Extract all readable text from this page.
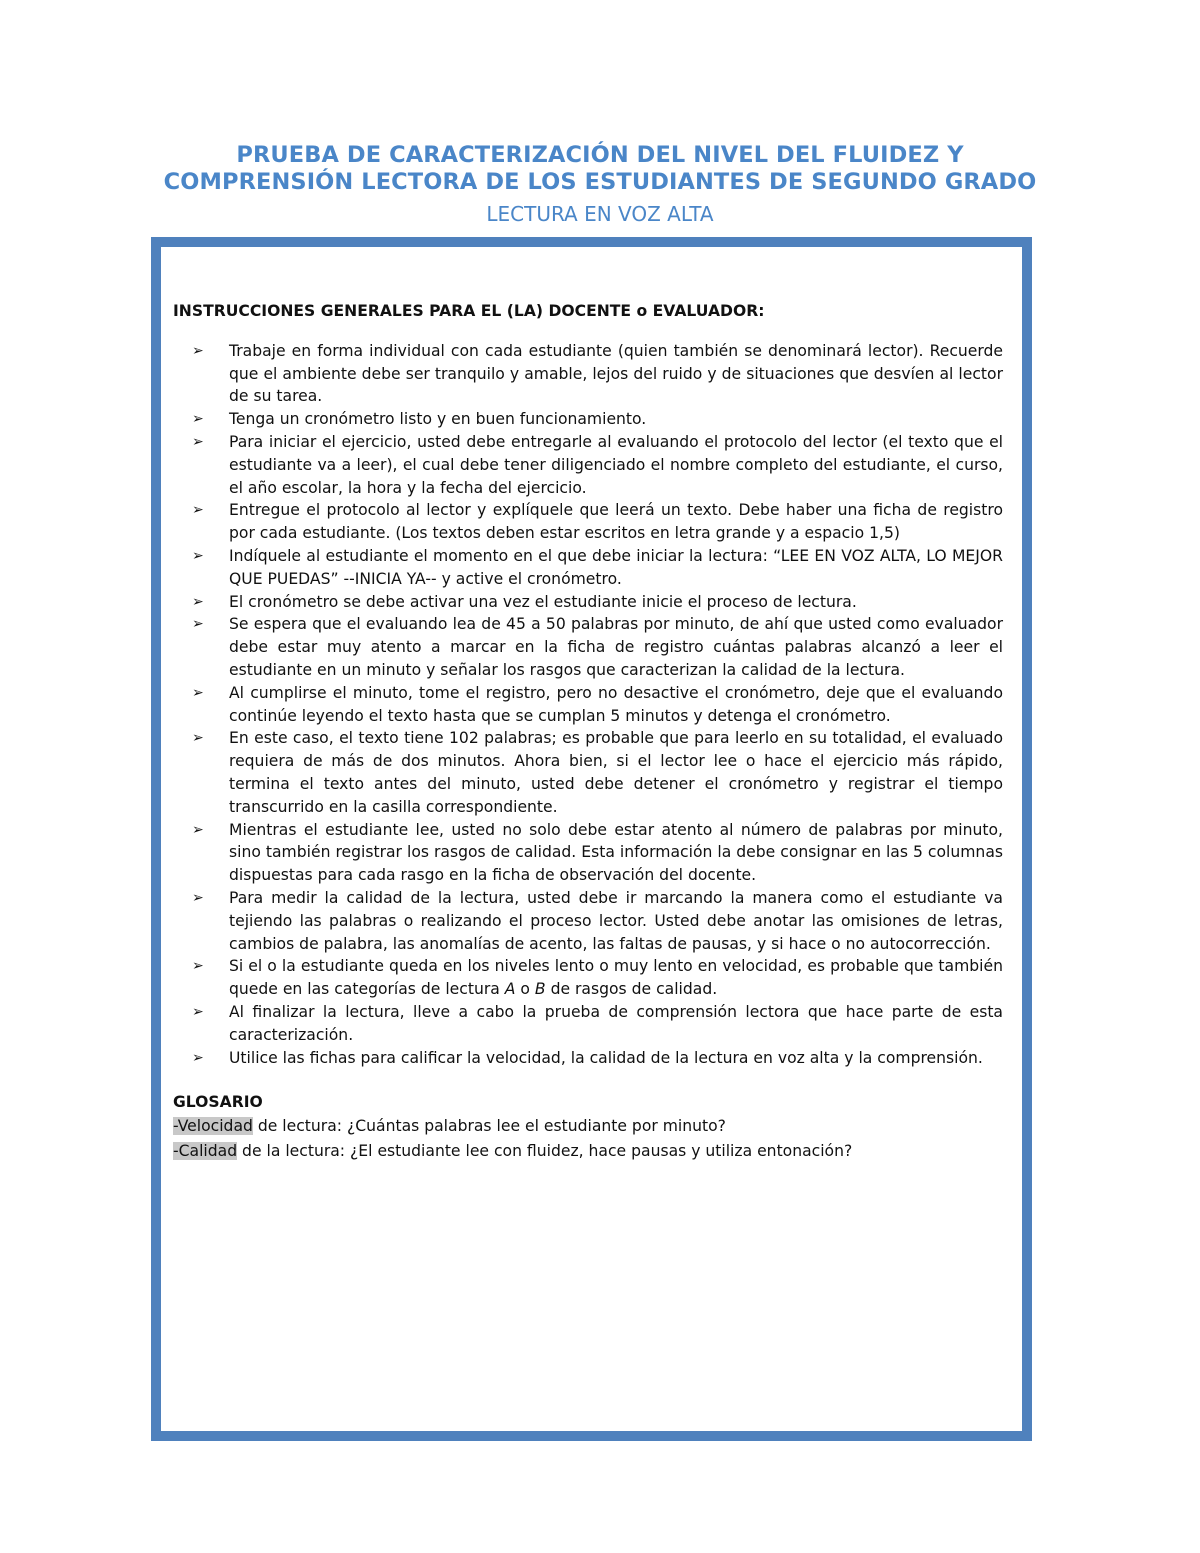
PRUEBA DE CARACTERIZACIÓN DEL NIVEL DEL FLUIDEZ Y
COMPRENSIÓN LECTORA DE LOS ESTUDIANTES DE SEGUNDO GRADO
LECTURA EN VOZ ALTA
INSTRUCCIONES GENERALES PARA EL (LA) DOCENTE o EVALUADOR:
➢ Trabaje en forma individual con cada estudiante (quien también se denominará lector). Recuerde que el ambiente debe ser tranquilo y amable, lejos del ruido y de situaciones que desvíen al lector de su tarea.
➢ Tenga un cronómetro listo y en buen funcionamiento.
➢ Para iniciar el ejercicio, usted debe entregarle al evaluando el protocolo del lector (el texto que el estudiante va a leer), el cual debe tener diligenciado el nombre completo del estudiante, el curso, el año escolar, la hora y la fecha del ejercicio.
➢ Entregue el protocolo al lector y explíquele que leerá un texto. Debe haber una ficha de registro por cada estudiante. (Los textos deben estar escritos en letra grande y a espacio 1,5)
➢ Indíquele al estudiante el momento en el que debe iniciar la lectura: “LEE EN VOZ ALTA, LO MEJOR QUE PUEDAS” --INICIA YA-- y active el cronómetro.
➢ El cronómetro se debe activar una vez el estudiante inicie el proceso de lectura.
➢ Se espera que el evaluando lea de 45 a 50 palabras por minuto, de ahí que usted como evaluador debe estar muy atento a marcar en la ficha de registro cuántas palabras alcanzó a leer el estudiante en un minuto y señalar los rasgos que caracterizan la calidad de la lectura.
➢ Al cumplirse el minuto, tome el registro, pero no desactive el cronómetro, deje que el evaluando continúe leyendo el texto hasta que se cumplan 5 minutos y detenga el cronómetro.
➢ En este caso, el texto tiene 102 palabras; es probable que para leerlo en su totalidad, el evaluado requiera de más de dos minutos. Ahora bien, si el lector lee o hace el ejercicio más rápido, termina el texto antes del minuto, usted debe detener el cronómetro y registrar el tiempo transcurrido en la casilla correspondiente.
➢ Mientras el estudiante lee, usted no solo debe estar atento al número de palabras por minuto, sino también registrar los rasgos de calidad. Esta información la debe consignar en las 5 columnas dispuestas para cada rasgo en la ficha de observación del docente.
➢ Para medir la calidad de la lectura, usted debe ir marcando la manera como el estudiante va tejiendo las palabras o realizando el proceso lector. Usted debe anotar las omisiones de letras, cambios de palabra, las anomalías de acento, las faltas de pausas, y si hace o no autocorrección.
➢ Si el o la estudiante queda en los niveles lento o muy lento en velocidad, es probable que también quede en las categorías de lectura A o B de rasgos de calidad.
➢ Al finalizar la lectura, lleve a cabo la prueba de comprensión lectora que hace parte de esta caracterización.
➢ Utilice las fichas para calificar la velocidad, la calidad de la lectura en voz alta y la comprensión.
GLOSARIO
-Velocidad de lectura: ¿Cuántas palabras lee el estudiante por minuto?
-Calidad de la lectura: ¿El estudiante lee con fluidez, hace pausas y utiliza entonación?
